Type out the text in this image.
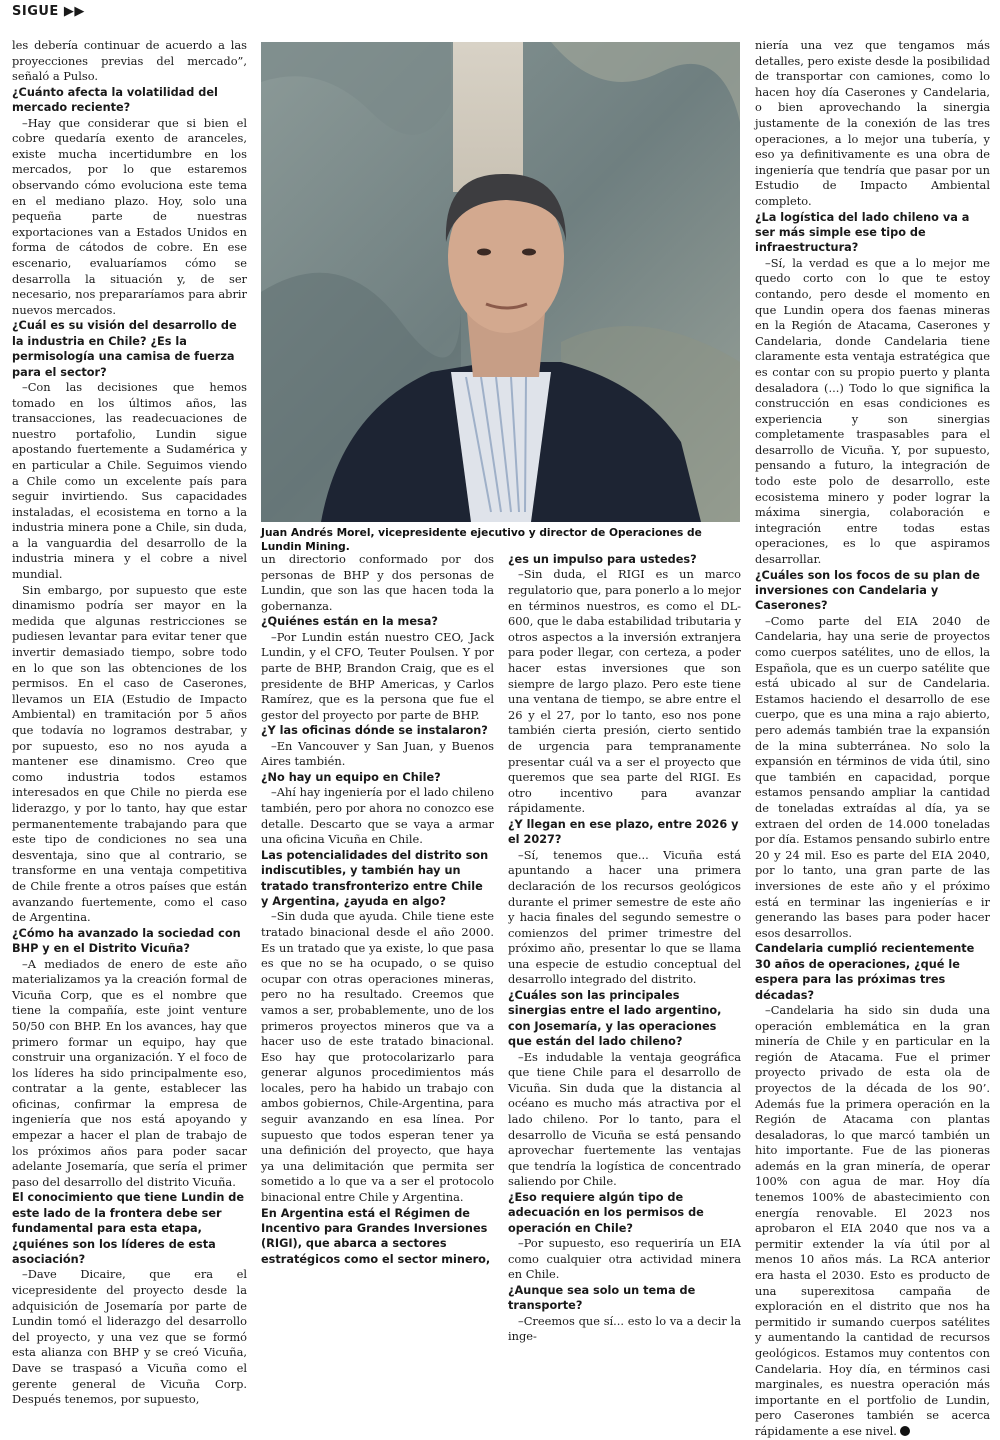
SIGUE ▶▶
Juan Andrés Morel, vicepresidente ejecutivo y director de Operaciones de Lundin Mining.

les debería continuar de acuerdo a las proyecciones previas del mercado”, señaló a Pulso.

¿Cuánto afecta la volatilidad del mercado reciente?

–Hay que considerar que si bien el cobre quedaría exento de aranceles, existe mucha incertidumbre en los mercados, por lo que estaremos observando cómo evoluciona este tema en el mediano plazo. Hoy, solo una pequeña parte de nuestras exportaciones van a Estados Unidos en forma de cátodos de cobre. En ese escenario, evaluaríamos cómo se desarrolla la situación y, de ser necesario, nos prepararíamos para abrir nuevos mercados.

¿Cuál es su visión del desarrollo de la industria en Chile? ¿Es la permisología una camisa de fuerza para el sector?

–Con las decisiones que hemos tomado en los últimos años, las transacciones, las readecuaciones de nuestro portafolio, Lundin sigue apostando fuertemente a Sudamérica y en particular a Chile. Seguimos viendo a Chile como un excelente país para seguir invirtiendo. Sus capacidades instaladas, el ecosistema en torno a la industria minera pone a Chile, sin duda, a la vanguardia del desarrollo de la industria minera y el cobre a nivel mundial.

Sin embargo, por supuesto que este dinamismo podría ser mayor en la medida que algunas restricciones se pudiesen levantar para evitar tener que invertir demasiado tiempo, sobre todo en lo que son las obtenciones de los permisos. En el caso de Caserones, llevamos un EIA (Estudio de Impacto Ambiental) en tramitación por 5 años que todavía no logramos destrabar, y por supuesto, eso no nos ayuda a mantener ese dinamismo. Creo que como industria todos estamos interesados en que Chile no pierda ese liderazgo, y por lo tanto, hay que estar permanentemente trabajando para que este tipo de condiciones no sea una desventaja, sino que al contrario, se transforme en una ventaja competitiva de Chile frente a otros países que están avanzando fuertemente, como el caso de Argentina.

¿Cómo ha avanzado la sociedad con BHP y en el Distrito Vicuña?

–A mediados de enero de este año materializamos ya la creación formal de Vicuña Corp, que es el nombre que tiene la compañía, este joint venture 50/50 con BHP. En los avances, hay que primero formar un equipo, hay que construir una organización. Y el foco de los líderes ha sido principalmente eso, contratar a la gente, establecer las oficinas, confirmar la empresa de ingeniería que nos está apoyando y empezar a hacer el plan de trabajo de los próximos años para poder sacar adelante Josemaría, que sería el primer paso del desarrollo del distrito Vicuña.

El conocimiento que tiene Lundin de este lado de la frontera debe ser fundamental para esta etapa, ¿quiénes son los líderes de esta asociación?

–Dave Dicaire, que era el vicepresidente del proyecto desde la adquisición de Josemaría por parte de Lundin tomó el liderazgo del desarrollo del proyecto, y una vez que se formó esta alianza con BHP y se creó Vicuña, Dave se traspasó a Vicuña como el gerente general de Vicuña Corp. Después tenemos, por supuesto,

un directorio conformado por dos personas de BHP y dos personas de Lundin, que son las que hacen toda la gobernanza.

¿Quiénes están en la mesa?

–Por Lundin están nuestro CEO, Jack Lundin, y el CFO, Teuter Poulsen. Y por parte de BHP, Brandon Craig, que es el presidente de BHP Americas, y Carlos Ramírez, que es la persona que fue el gestor del proyecto por parte de BHP.

¿Y las oficinas dónde se instalaron?

–En Vancouver y San Juan, y Buenos Aires también.

¿No hay un equipo en Chile?

–Ahí hay ingeniería por el lado chileno también, pero por ahora no conozco ese detalle. Descarto que se vaya a armar una oficina Vicuña en Chile.

Las potencialidades del distrito son indiscutibles, y también hay un tratado transfronterizo entre Chile y Argentina, ¿ayuda en algo?

–Sin duda que ayuda. Chile tiene este tratado binacional desde el año 2000. Es un tratado que ya existe, lo que pasa es que no se ha ocupado, o se quiso ocupar con otras operaciones mineras, pero no ha resultado. Creemos que vamos a ser, probablemente, uno de los primeros proyectos mineros que va a hacer uso de este tratado binacional. Eso hay que protocolarizarlo para generar algunos procedimientos más locales, pero ha habido un trabajo con ambos gobiernos, Chile-Argentina, para seguir avanzando en esa línea. Por supuesto que todos esperan tener ya una definición del proyecto, que haya ya una delimitación que permita ser sometido a lo que va a ser el protocolo binacional entre Chile y Argentina.

En Argentina está el Régimen de Incentivo para Grandes Inversiones (RIGI), que abarca a sectores estratégicos como el sector minero,
¿es un impulso para ustedes?

–Sin duda, el RIGI es un marco regulatorio que, para ponerlo a lo mejor en términos nuestros, es como el DL-600, que le daba estabilidad tributaria y otros aspectos a la inversión extranjera para poder llegar, con certeza, a poder hacer estas inversiones que son siempre de largo plazo. Pero este tiene una ventana de tiempo, se abre entre el 26 y el 27, por lo tanto, eso nos pone también cierta presión, cierto sentido de urgencia para tempranamente presentar cuál va a ser el proyecto que queremos que sea parte del RIGI. Es otro incentivo para avanzar rápidamente.

¿Y llegan en ese plazo, entre 2026 y el 2027?

–Sí, tenemos que... Vicuña está apuntando a hacer una primera declaración de los recursos geológicos durante el primer semestre de este año y hacia finales del segundo semestre o comienzos del primer trimestre del próximo año, presentar lo que se llama una especie de estudio conceptual del desarrollo integrado del distrito.

¿Cuáles son las principales sinergias entre el lado argentino, con Josemaría, y las operaciones que están del lado chileno?

–Es indudable la ventaja geográfica que tiene Chile para el desarrollo de Vicuña. Sin duda que la distancia al océano es mucho más atractiva por el lado chileno. Por lo tanto, para el desarrollo de Vicuña se está pensando aprovechar fuertemente las ventajas que tendría la logística de concentrado saliendo por Chile.

¿Eso requiere algún tipo de adecuación en los permisos de operación en Chile?

–Por supuesto, eso requeriría un EIA como cualquier otra actividad minera en Chile.

¿Aunque sea solo un tema de transporte?

–Creemos que sí... esto lo va a decir la inge-

niería una vez que tengamos más detalles, pero existe desde la posibilidad de transportar con camiones, como lo hacen hoy día Caserones y Candelaria, o bien aprovechando la sinergia justamente de la conexión de las tres operaciones, a lo mejor una tubería, y eso ya definitivamente es una obra de ingeniería que tendría que pasar por un Estudio de Impacto Ambiental completo.

¿La logística del lado chileno va a ser más simple ese tipo de infraestructura?

–Sí, la verdad es que a lo mejor me quedo corto con lo que te estoy contando, pero desde el momento en que Lundin opera dos faenas mineras en la Región de Atacama, Caserones y Candelaria, donde Candelaria tiene claramente esta ventaja estratégica que es contar con su propio puerto y planta desaladora (...) Todo lo que significa la construcción en esas condiciones es experiencia y son sinergias completamente traspasables para el desarrollo de Vicuña. Y, por supuesto, pensando a futuro, la integración de todo este polo de desarrollo, este ecosistema minero y poder lograr la máxima sinergia, colaboración e integración entre todas estas operaciones, es lo que aspiramos desarrollar.

¿Cuáles son los focos de su plan de inversiones con Candelaria y Caserones?

–Como parte del EIA 2040 de Candelaria, hay una serie de proyectos como cuerpos satélites, uno de ellos, la Española, que es un cuerpo satélite que está ubicado al sur de Candelaria. Estamos haciendo el desarrollo de ese cuerpo, que es una mina a rajo abierto, pero además también trae la expansión de la mina subterránea. No solo la expansión en términos de vida útil, sino que también en capacidad, porque estamos pensando ampliar la cantidad de toneladas extraídas al día, ya se extraen del orden de 14.000 toneladas por día. Estamos pensando subirlo entre 20 y 24 mil. Eso es parte del EIA 2040, por lo tanto, una gran parte de las inversiones de este año y el próximo está en terminar las ingenierías e ir generando las bases para poder hacer esos desarrollos.

Candelaria cumplió recientemente 30 años de operaciones, ¿qué le espera para las próximas tres décadas?

–Candelaria ha sido sin duda una operación emblemática en la gran minería de Chile y en particular en la región de Atacama. Fue el primer proyecto privado de esta ola de proyectos de la década de los 90’. Además fue la primera operación en la Región de Atacama con plantas desaladoras, lo que marcó también un hito importante. Fue de las pioneras además en la gran minería, de operar 100% con agua de mar. Hoy día tenemos 100% de abastecimiento con energía renovable. El 2023 nos aprobaron el EIA 2040 que nos va a permitir extender la vía útil por al menos 10 años más. La RCA anterior era hasta el 2030. Esto es producto de una superexitosa campaña de exploración en el distrito que nos ha permitido ir sumando cuerpos satélites y aumentando la cantidad de recursos geológicos. Estamos muy contentos con Candelaria. Hoy día, en términos casi marginales, es nuestra operación más importante en el portfolio de Lundin, pero Caserones también se acerca rápidamente a ese nivel.
